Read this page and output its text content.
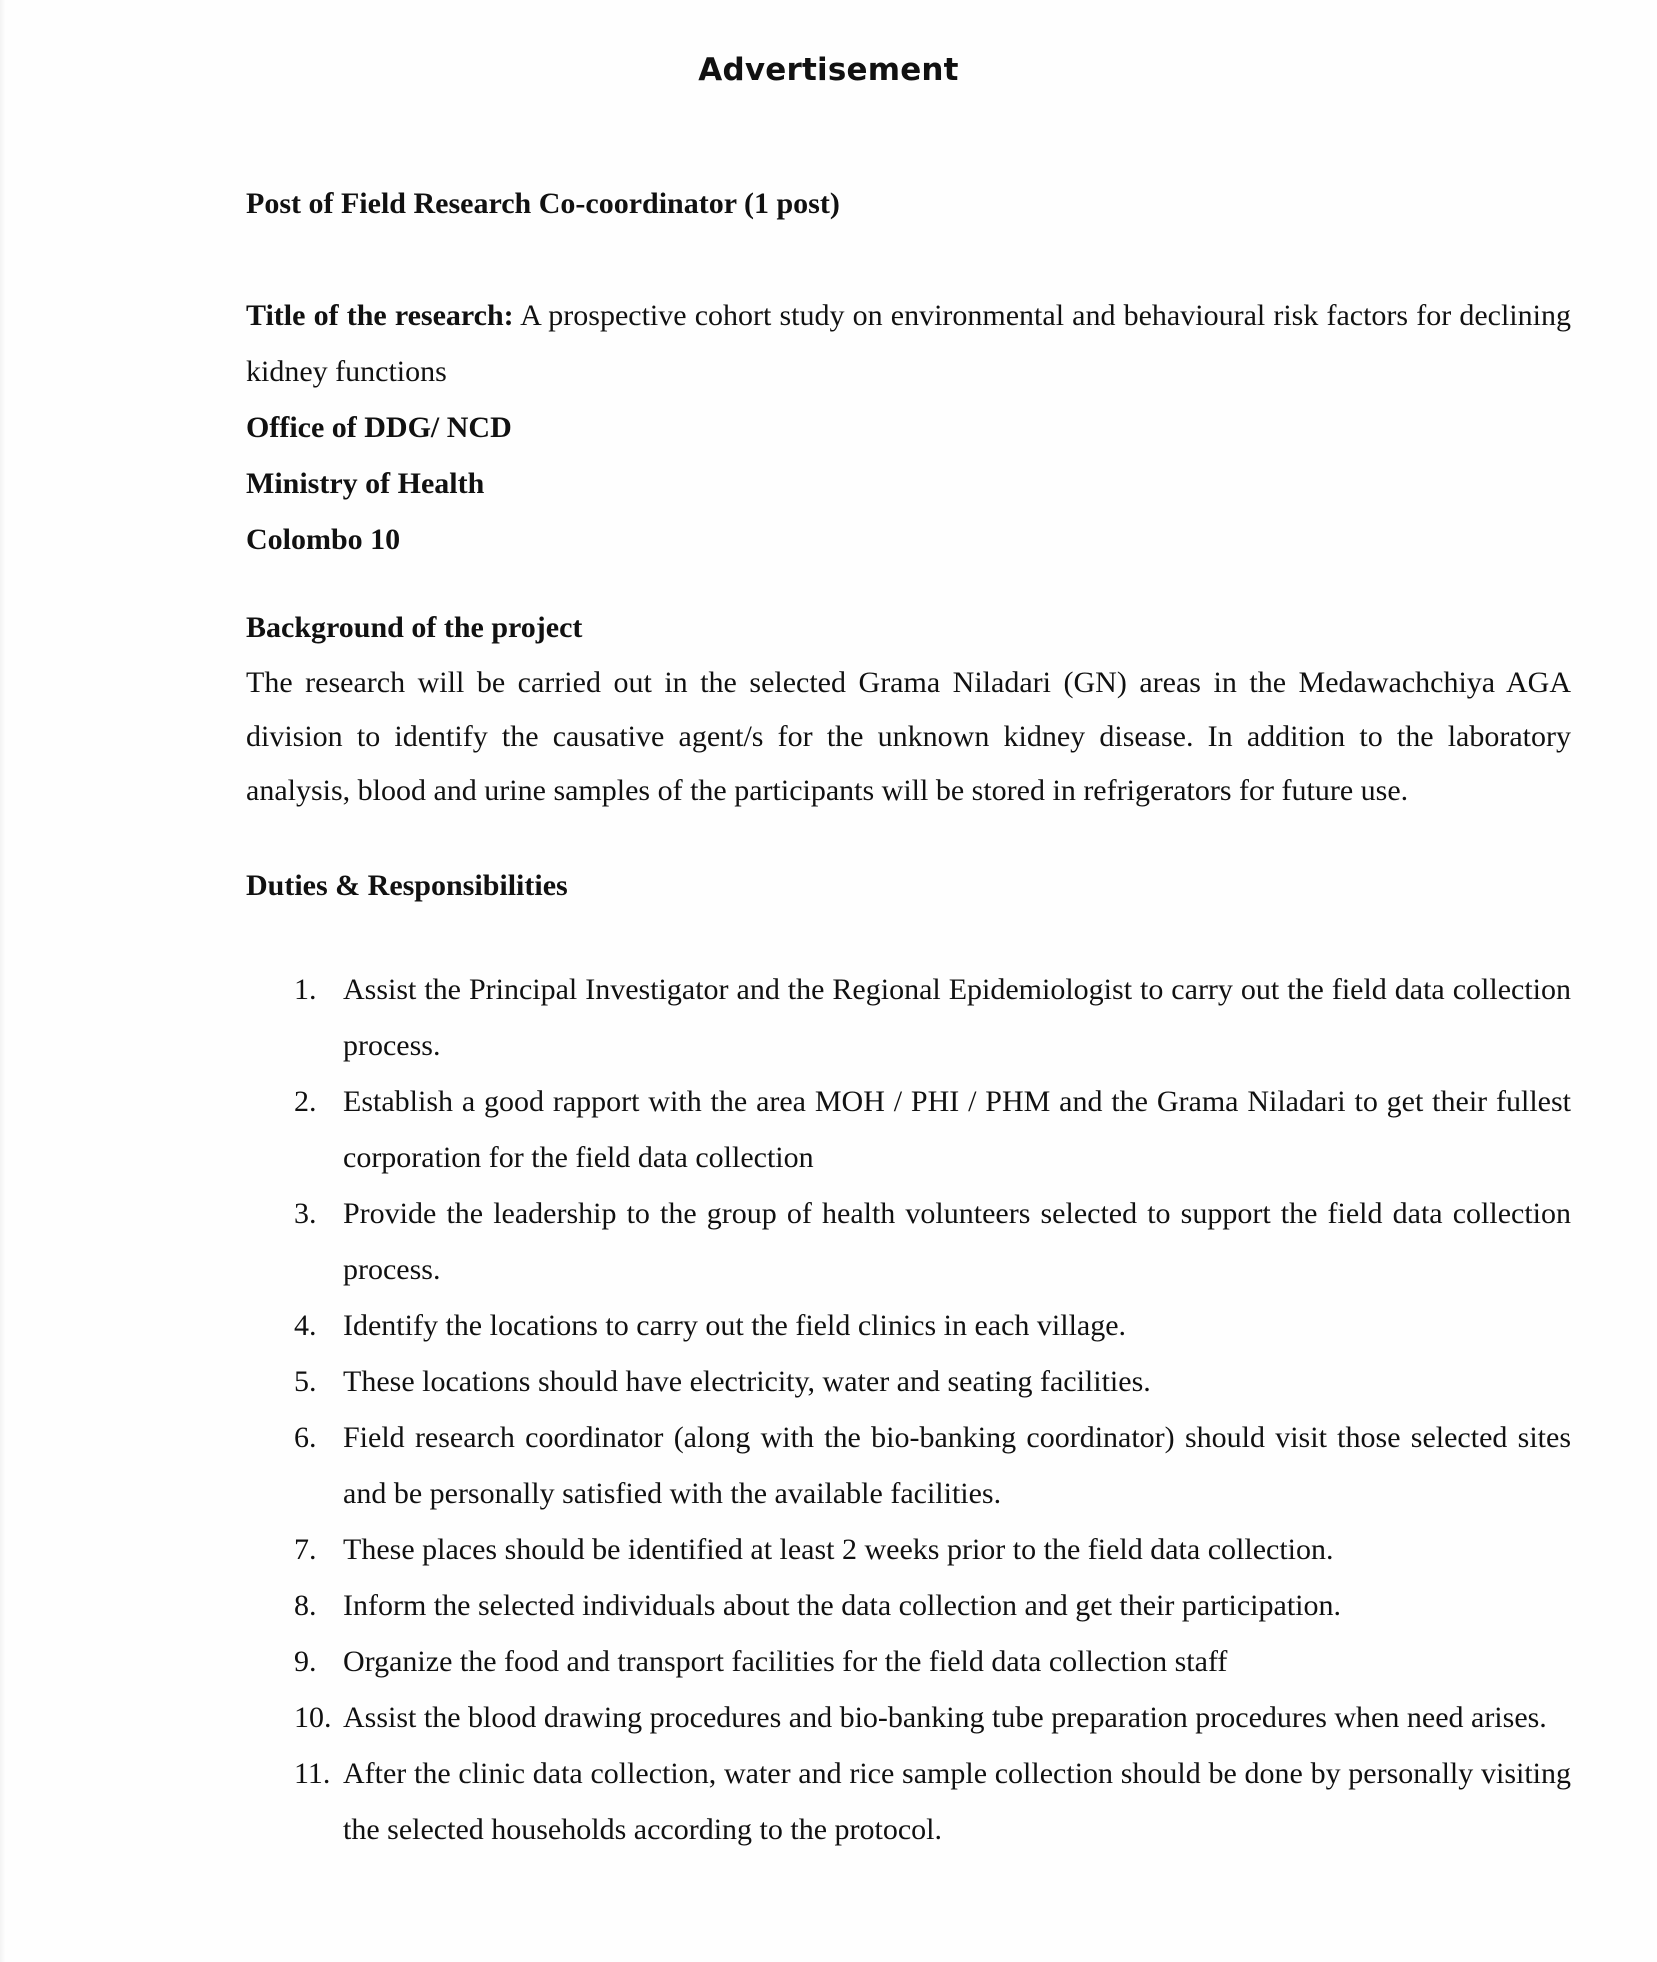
Advertisement

Post of Field Research Co-coordinator (1 post)

Title of the research: A prospective cohort study on environmental and behavioural risk factors for declining kidney functions

Office of DDG/ NCD

Ministry of Health

Colombo 10

Background of the project

The research will be carried out in the selected Grama Niladari (GN) areas in the Medawachchiya AGA division to identify the causative agent/s for the unknown kidney disease. In addition to the laboratory analysis, blood and urine samples of the participants will be stored in refrigerators for future use.

Duties & Responsibilities

1. Assist the Principal Investigator and the Regional Epidemiologist to carry out the field data collection process.
2. Establish a good rapport with the area MOH / PHI / PHM and the Grama Niladari to get their fullest corporation for the field data collection
3. Provide the leadership to the group of health volunteers selected to support the field data collection process.
4. Identify the locations to carry out the field clinics in each village.
5. These locations should have electricity, water and seating facilities.
6. Field research coordinator (along with the bio-banking coordinator) should visit those selected sites and be personally satisfied with the available facilities.
7. These places should be identified at least 2 weeks prior to the field data collection.
8. Inform the selected individuals about the data collection and get their participation.
9. Organize the food and transport facilities for the field data collection staff
10. Assist the blood drawing procedures and bio-banking tube preparation procedures when need arises.
11. After the clinic data collection, water and rice sample collection should be done by personally visiting the selected households according to the protocol.
